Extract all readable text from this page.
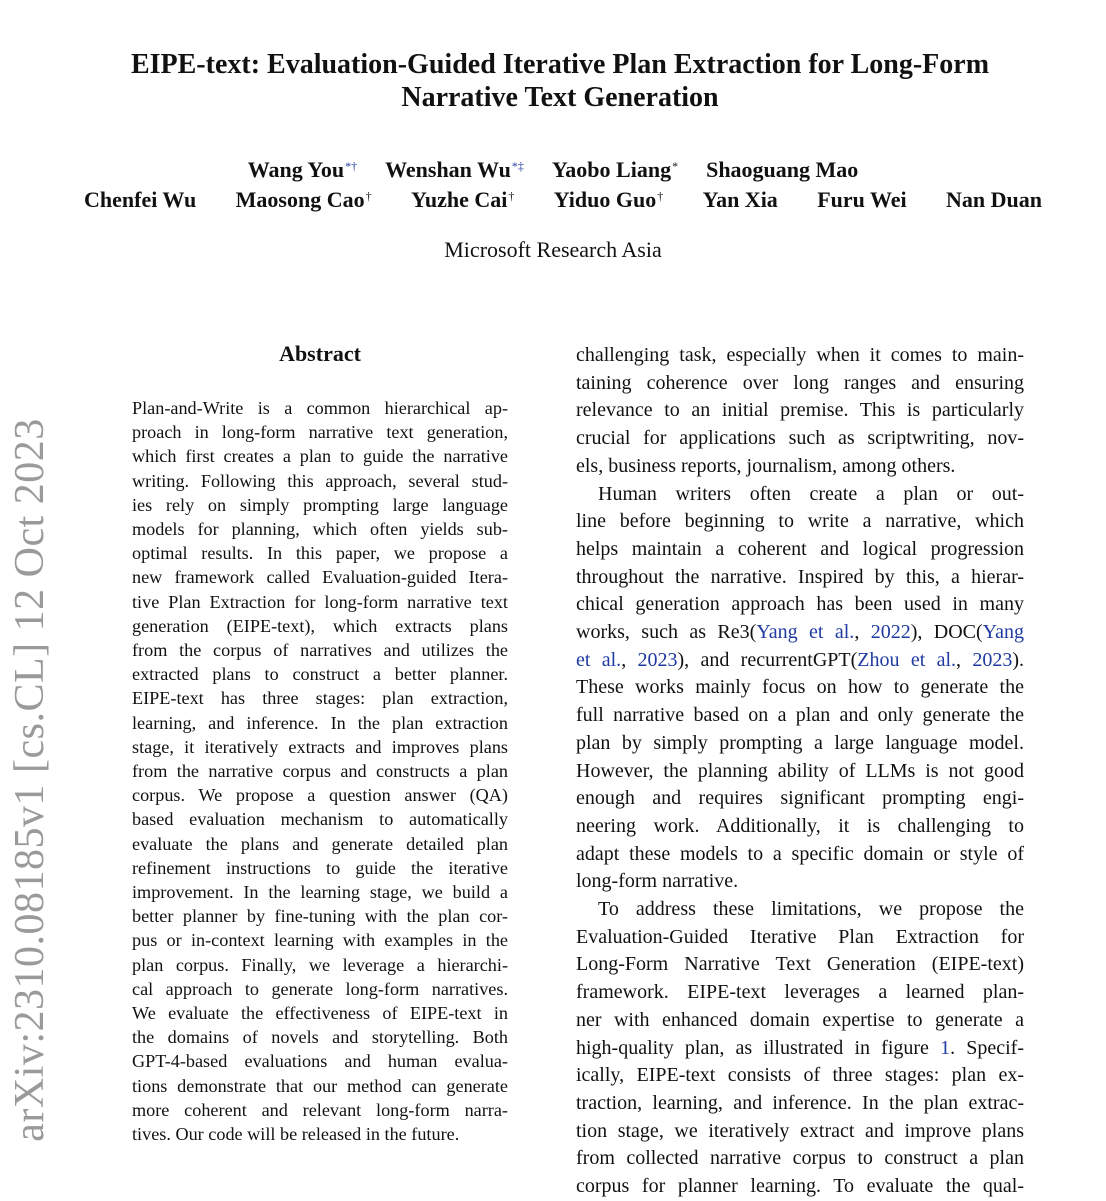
EIPE-text: Evaluation-Guided Iterative Plan Extraction for Long-Form
Narrative Text Generation
Wang You*† Wenshan Wu*‡ Yaobo Liang* Shaoguang Mao
Chenfei Wu Maosong Cao† Yuzhe Cai† Yiduo Guo† Yan Xia Furu Wei Nan Duan
Microsoft Research Asia
arXiv:2310.08185v1 [cs.CL] 12 Oct 2023
Abstract
Plan-and-Write is a common hierarchical ap-
proach in long-form narrative text generation,
which first creates a plan to guide the narrative
writing. Following this approach, several stud-
ies rely on simply prompting large language
models for planning, which often yields sub-
optimal results. In this paper, we propose a
new framework called Evaluation-guided Itera-
tive Plan Extraction for long-form narrative text
generation (EIPE-text), which extracts plans
from the corpus of narratives and utilizes the
extracted plans to construct a better planner.
EIPE-text has three stages: plan extraction,
learning, and inference. In the plan extraction
stage, it iteratively extracts and improves plans
from the narrative corpus and constructs a plan
corpus. We propose a question answer (QA)
based evaluation mechanism to automatically
evaluate the plans and generate detailed plan
refinement instructions to guide the iterative
improvement. In the learning stage, we build a
better planner by fine-tuning with the plan cor-
pus or in-context learning with examples in the
plan corpus. Finally, we leverage a hierarchi-
cal approach to generate long-form narratives.
We evaluate the effectiveness of EIPE-text in
the domains of novels and storytelling. Both
GPT-4-based evaluations and human evalua-
tions demonstrate that our method can generate
more coherent and relevant long-form narra-
tives. Our code will be released in the future.

challenging task, especially when it comes to main-
taining coherence over long ranges and ensuring
relevance to an initial premise. This is particularly
crucial for applications such as scriptwriting, nov-
els, business reports, journalism, among others.

Human writers often create a plan or out-
line before beginning to write a narrative, which
helps maintain a coherent and logical progression
throughout the narrative. Inspired by this, a hierar-
chical generation approach has been used in many
works, such as Re3(Yang et al., 2022), DOC(Yang
et al., 2023), and recurrentGPT(Zhou et al., 2023).
These works mainly focus on how to generate the
full narrative based on a plan and only generate the
plan by simply prompting a large language model.
However, the planning ability of LLMs is not good
enough and requires significant prompting engi-
neering work. Additionally, it is challenging to
adapt these models to a specific domain or style of
long-form narrative.

To address these limitations, we propose the
Evaluation-Guided Iterative Plan Extraction for
Long-Form Narrative Text Generation (EIPE-text)
framework. EIPE-text leverages a learned plan-
ner with enhanced domain expertise to generate a
high-quality plan, as illustrated in figure 1. Specif-
ically, EIPE-text consists of three stages: plan ex-
traction, learning, and inference. In the plan extrac-
tion stage, we iteratively extract and improve plans
from collected narrative corpus to construct a plan
corpus for planner learning. To evaluate the qual-
